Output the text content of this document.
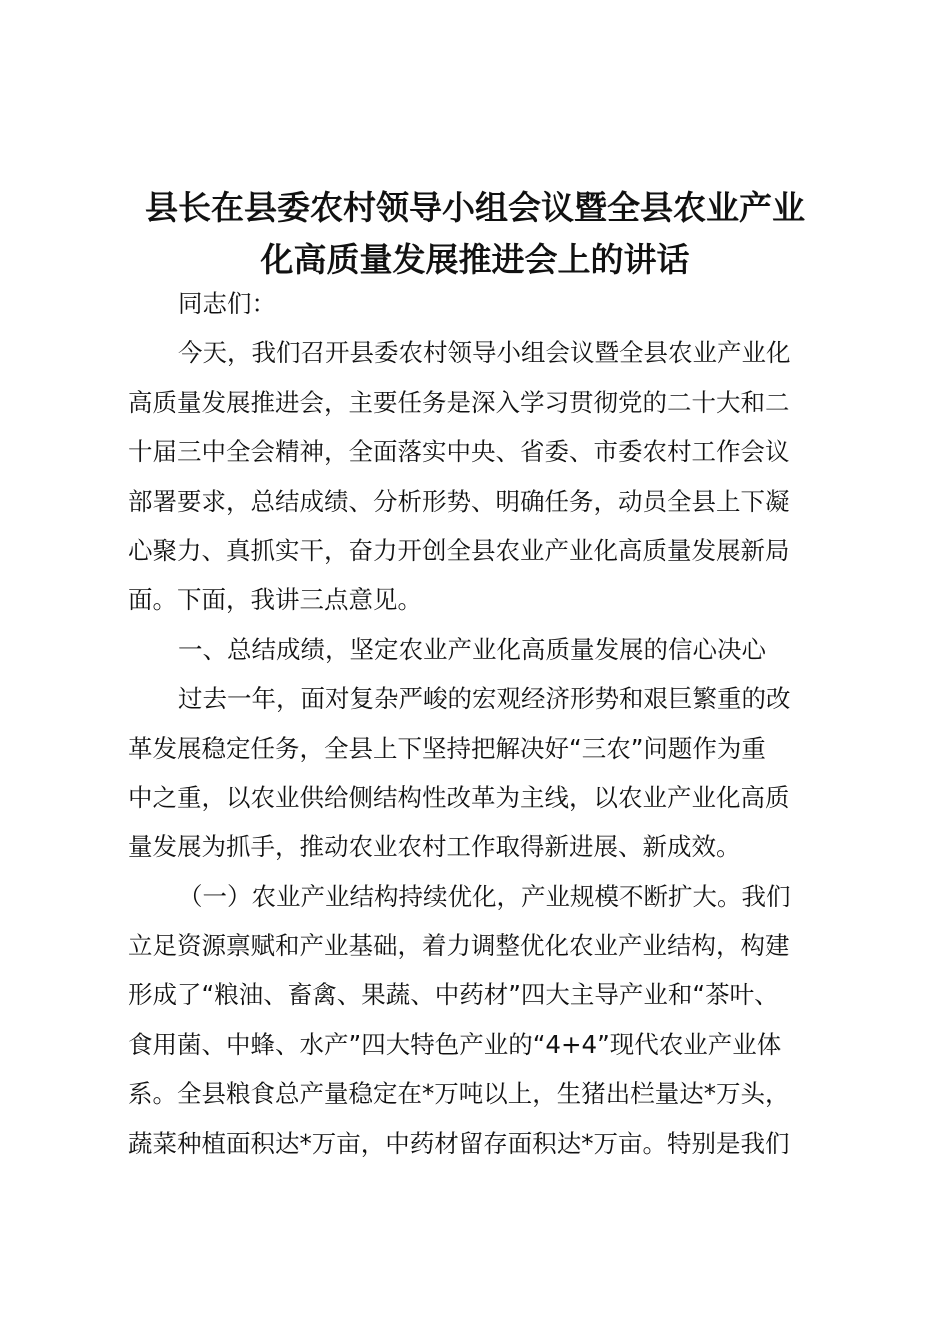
县长在县委农村领导小组会议暨全县农业产业
化高质量发展推进会上的讲话
同志们：
今天，我们召开县委农村领导小组会议暨全县农业产业化
高质量发展推进会，主要任务是深入学习贯彻党的二十大和二
十届三中全会精神，全面落实中央、省委、市委农村工作会议
部署要求，总结成绩、分析形势、明确任务，动员全县上下凝
心聚力、真抓实干，奋力开创全县农业产业化高质量发展新局
面。下面，我讲三点意见。
一、总结成绩，坚定农业产业化高质量发展的信心决心
过去一年，面对复杂严峻的宏观经济形势和艰巨繁重的改
革发展稳定任务，全县上下坚持把解决好“三农”问题作为重
中之重，以农业供给侧结构性改革为主线，以农业产业化高质
量发展为抓手，推动农业农村工作取得新进展、新成效。
（一）农业产业结构持续优化，产业规模不断扩大。我们
立足资源禀赋和产业基础，着力调整优化农业产业结构，构建
形成了“粮油、畜禽、果蔬、中药材”四大主导产业和“茶叶、
食用菌、中蜂、水产”四大特色产业的“4+4”现代农业产业体
系。全县粮食总产量稳定在*万吨以上，生猪出栏量达*万头，
蔬菜种植面积达*万亩，中药材留存面积达*万亩。特别是我们
